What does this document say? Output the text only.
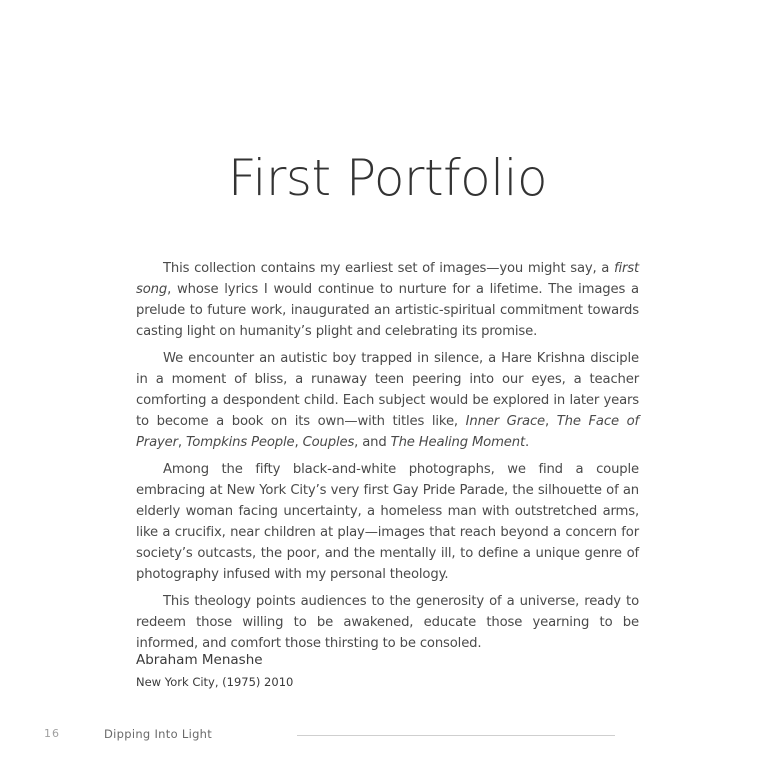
First Portfolio

This collection contains my earliest set of images—you might say, a first song, whose lyrics I would continue to nurture for a lifetime. The images a prelude to future work, inaugurated an artistic-spiritual commitment towards casting light on humanity’s plight and celebrating its promise.

We encounter an autistic boy trapped in silence, a Hare Krishna disciple in a moment of bliss, a runaway teen peering into our eyes, a teacher comforting a despondent child. Each subject would be explored in later years to become a book on its own—with titles like, Inner Grace, The Face of Prayer, Tompkins People, Couples, and The Healing Moment.

Among the fifty black-and-white photographs, we find a couple embracing at New York City’s very first Gay Pride Parade, the silhouette of an elderly woman facing uncertainty, a homeless man with outstretched arms, like a crucifix, near children at play—images that reach beyond a concern for society’s outcasts, the poor, and the mentally ill, to define a unique genre of photography infused with my personal theology.

This theology points audiences to the generosity of a universe, ready to redeem those willing to be awakened, educate those yearning to be informed, and comfort those thirsting to be consoled.

Abraham Menashe
New York City, (1975) 2010
16	Dipping Into Light
